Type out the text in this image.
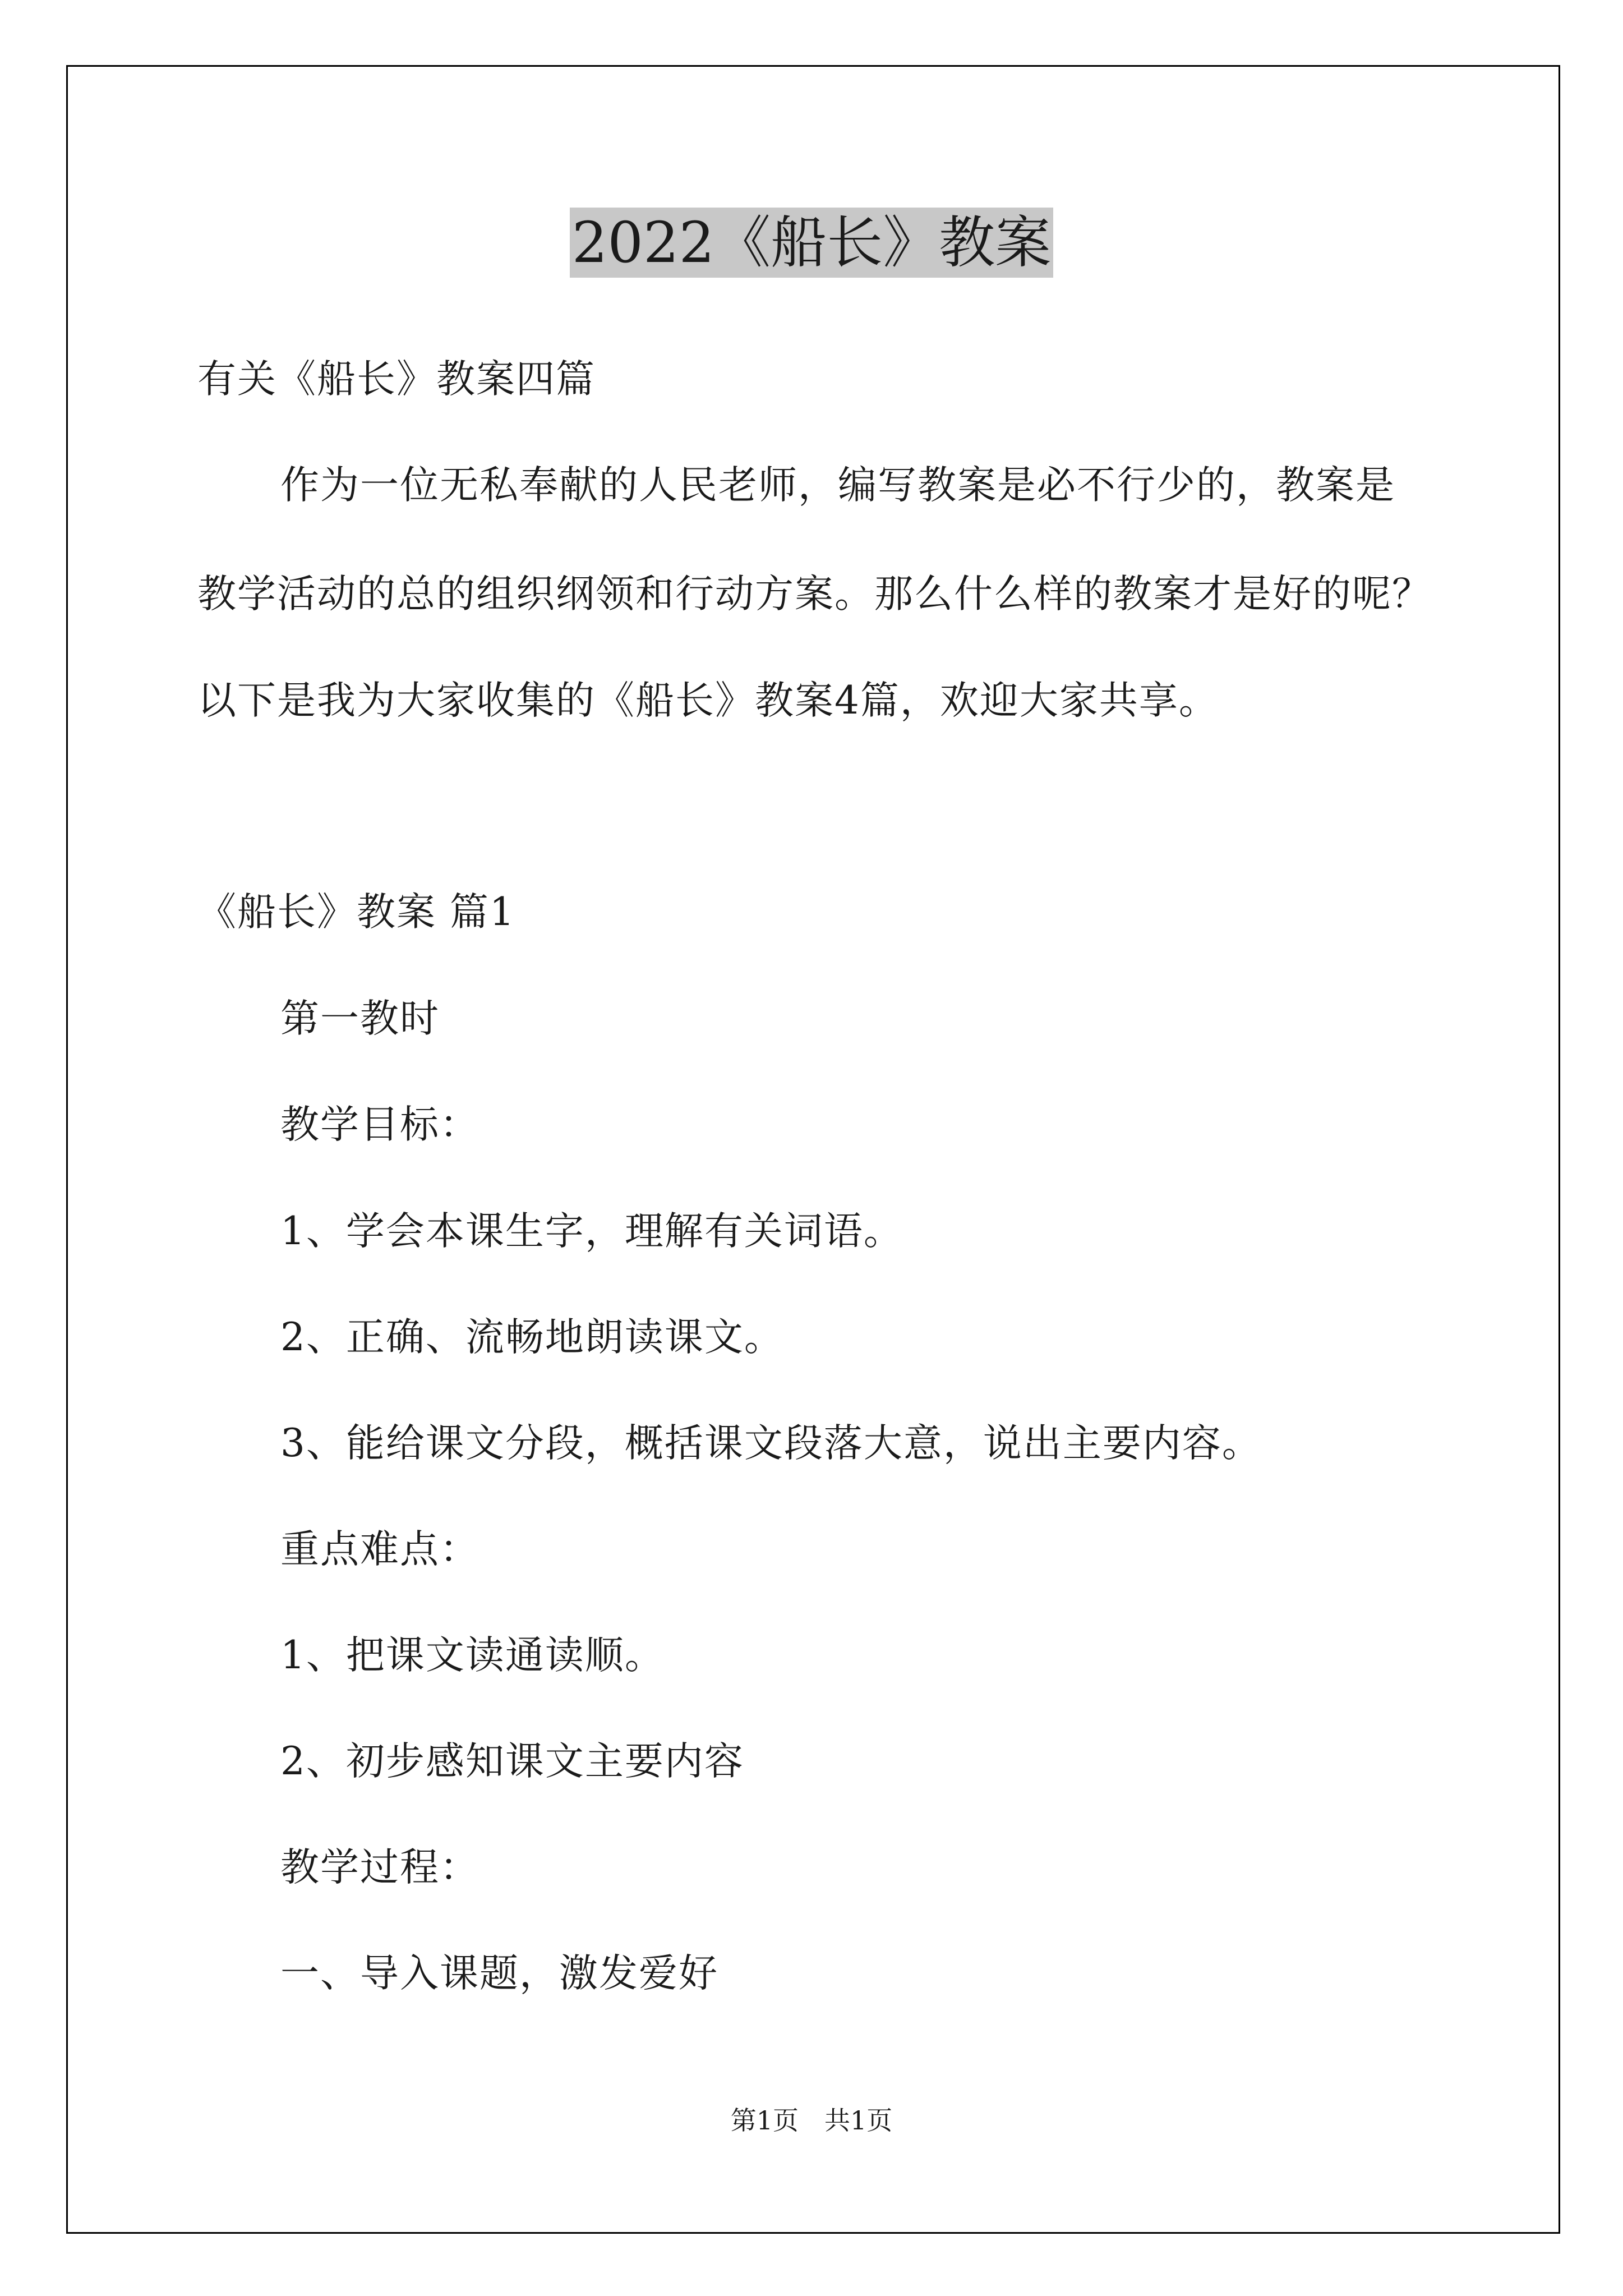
2022《船长》教案
有关《船长》教案四篇
作为一位无私奉献的人民老师，编写教案是必不行少的，教案是
教学活动的总的组织纲领和行动方案。那么什么样的教案才是好的呢？
以下是我为大家收集的《船长》教案4篇，欢迎大家共享。
《船长》教案 篇1
第一教时
教学目标：
1、学会本课生字，理解有关词语。
2、正确、流畅地朗读课文。
3、能给课文分段，概括课文段落大意，说出主要内容。
重点难点：
1、把课文读通读顺。
2、初步感知课文主要内容
教学过程：
一、导入课题，激发爱好
第1页　共1页
